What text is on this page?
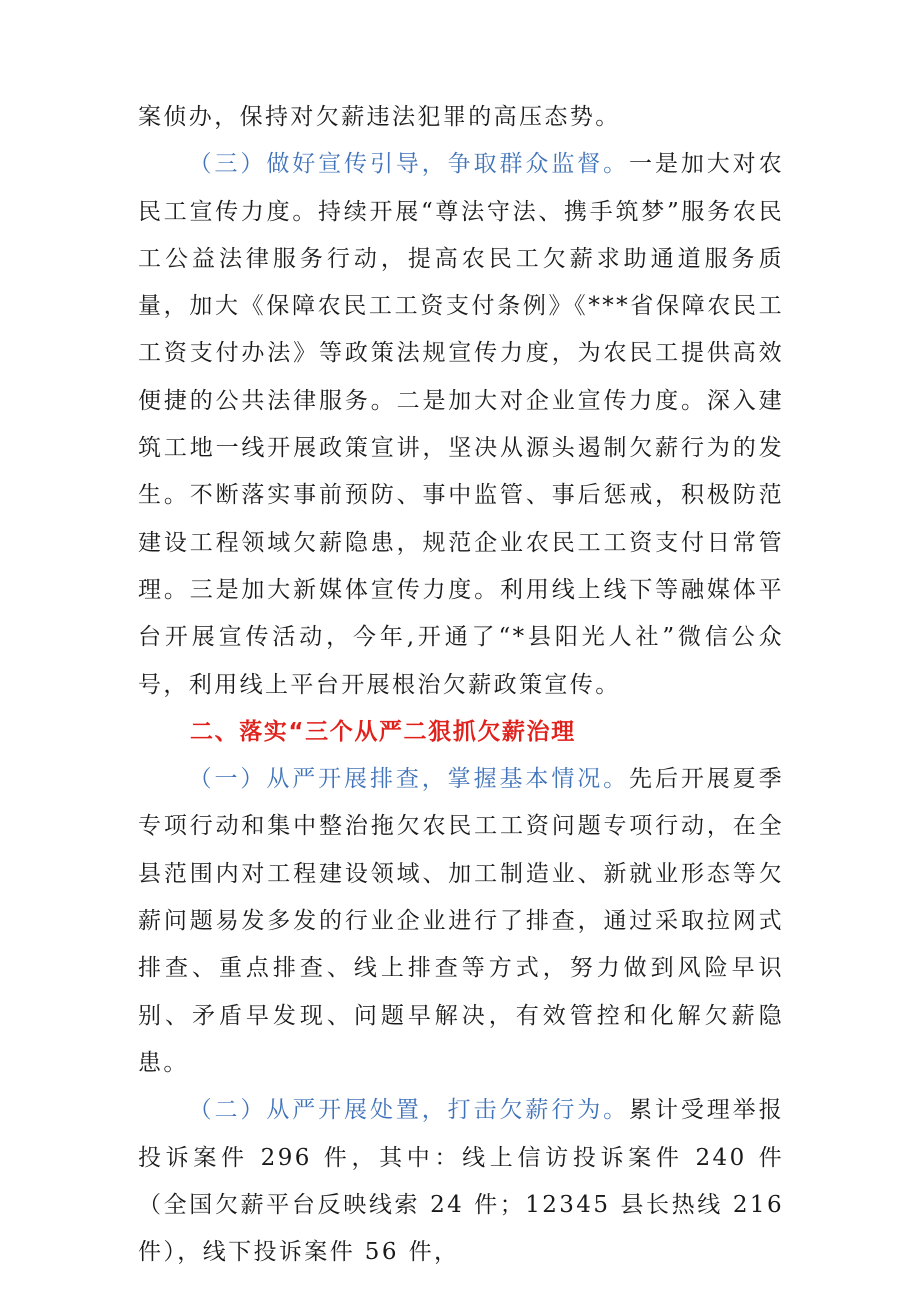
案侦办，保持对欠薪违法犯罪的高压态势。

（三）做好宣传引导，争取群众监督。一是加大对农民工宣传力度。持续开展“尊法守法、携手筑梦”服务农民工公益法律服务行动，提高农民工欠薪求助通道服务质量，加大《保障农民工工资支付条例》《***省保障农民工工资支付办法》等政策法规宣传力度，为农民工提供高效便捷的公共法律服务。二是加大对企业宣传力度。深入建筑工地一线开展政策宣讲，坚决从源头遏制欠薪行为的发生。不断落实事前预防、事中监管、事后惩戒，积极防范建设工程领域欠薪隐患，规范企业农民工工资支付日常管理。三是加大新媒体宣传力度。利用线上线下等融媒体平台开展宣传活动，今年,开通了“*县阳光人社”微信公众号，利用线上平台开展根治欠薪政策宣传。

二、落实“三个从严二狠抓欠薪治理

（一）从严开展排查，掌握基本情况。先后开展夏季专项行动和集中整治拖欠农民工工资问题专项行动，在全县范围内对工程建设领域、加工制造业、新就业形态等欠薪问题易发多发的行业企业进行了排查，通过采取拉网式排查、重点排查、线上排查等方式，努力做到风险早识别、矛盾早发现、问题早解决，有效管控和化解欠薪隐患。

（二）从严开展处置，打击欠薪行为。累计受理举报投诉案件 296 件，其中：线上信访投诉案件 240 件（全国欠薪平台反映线索 24 件；12345 县长热线 216 件），线下投诉案件 56 件，
